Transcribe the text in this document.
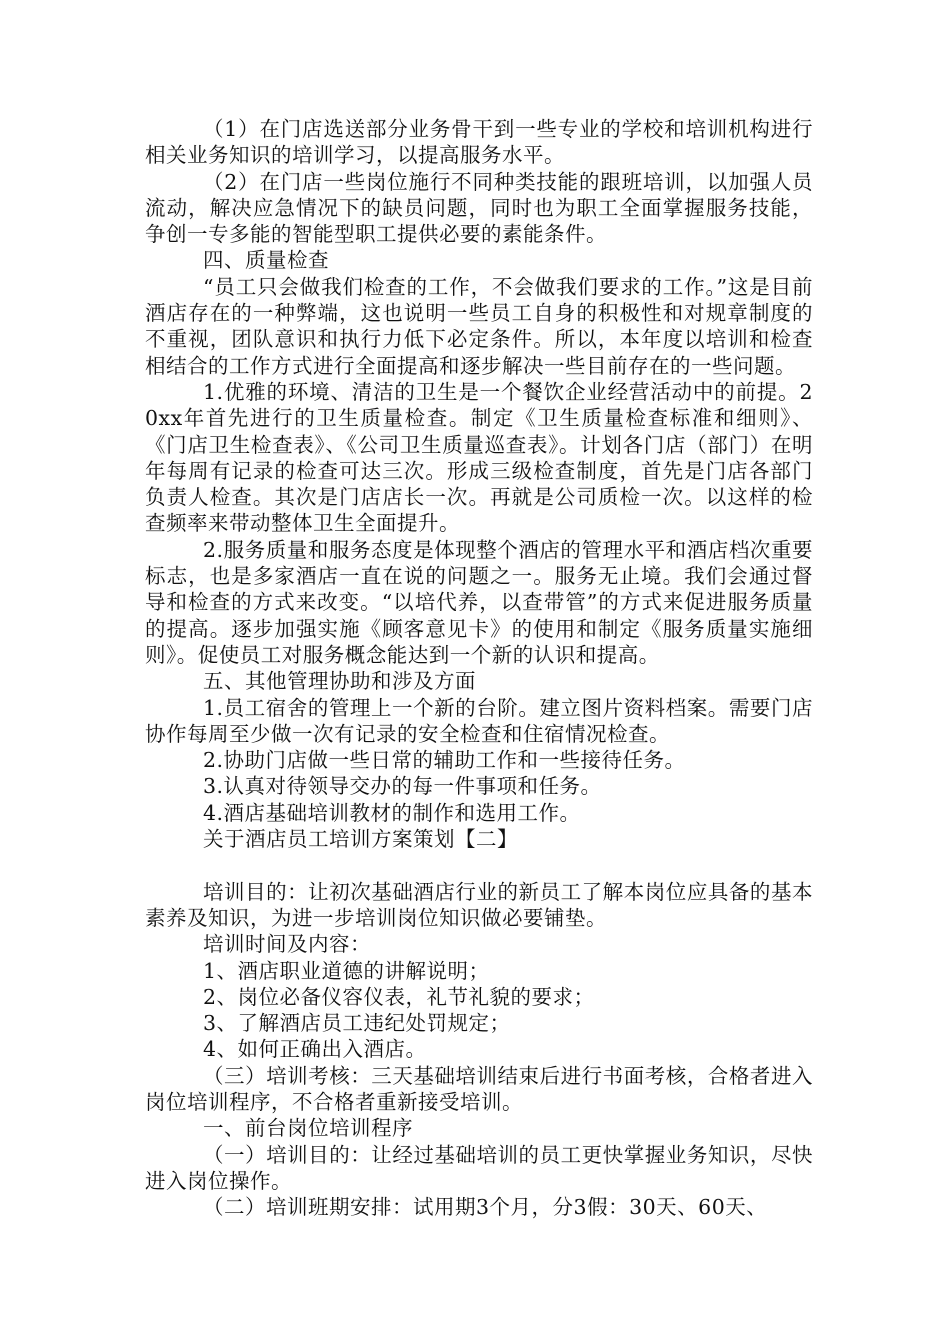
（1）在门店选送部分业务骨干到一些专业的学校和培训机构进行相关业务知识的培训学习，以提高服务水平。

（2）在门店一些岗位施行不同种类技能的跟班培训，以加强人员流动，解决应急情况下的缺员问题，同时也为职工全面掌握服务技能，争创一专多能的智能型职工提供必要的素能条件。

四、质量检查

“员工只会做我们检查的工作，不会做我们要求的工作。”这是目前酒店存在的一种弊端，这也说明一些员工自身的积极性和对规章制度的不重视，团队意识和执行力低下必定条件。所以，本年度以培训和检查相结合的工作方式进行全面提高和逐步解决一些目前存在的一些问题。

1.优雅的环境、清洁的卫生是一个餐饮企业经营活动中的前提。20xx年首先进行的卫生质量检查。制定《卫生质量检查标准和细则》、《门店卫生检查表》、《公司卫生质量巡查表》。计划各门店（部门）在明年每周有记录的检查可达三次。形成三级检查制度，首先是门店各部门负责人检查。其次是门店店长一次。再就是公司质检一次。以这样的检查频率来带动整体卫生全面提升。

2.服务质量和服务态度是体现整个酒店的管理水平和酒店档次重要标志，也是多家酒店一直在说的问题之一。服务无止境。我们会通过督导和检查的方式来改变。“以培代养，以查带管”的方式来促进服务质量的提高。逐步加强实施《顾客意见卡》的使用和制定《服务质量实施细则》。促使员工对服务概念能达到一个新的认识和提高。

五、其他管理协助和涉及方面

1.员工宿舍的管理上一个新的台阶。建立图片资料档案。需要门店协作每周至少做一次有记录的安全检查和住宿情况检查。

2.协助门店做一些日常的辅助工作和一些接待任务。

3.认真对待领导交办的每一件事项和任务。

4.酒店基础培训教材的制作和选用工作。

关于酒店员工培训方案策划【二】

培训目的：让初次基础酒店行业的新员工了解本岗位应具备的基本素养及知识，为进一步培训岗位知识做必要铺垫。

培训时间及内容：

1、酒店职业道德的讲解说明；

2、岗位必备仪容仪表，礼节礼貌的要求；

3、了解酒店员工违纪处罚规定；

4、如何正确出入酒店。

（三）培训考核：三天基础培训结束后进行书面考核，合格者进入岗位培训程序，不合格者重新接受培训。

一、前台岗位培训程序

（一）培训目的：让经过基础培训的员工更快掌握业务知识，尽快进入岗位操作。

（二）培训班期安排：试用期3个月，分3假：30天、60天、
